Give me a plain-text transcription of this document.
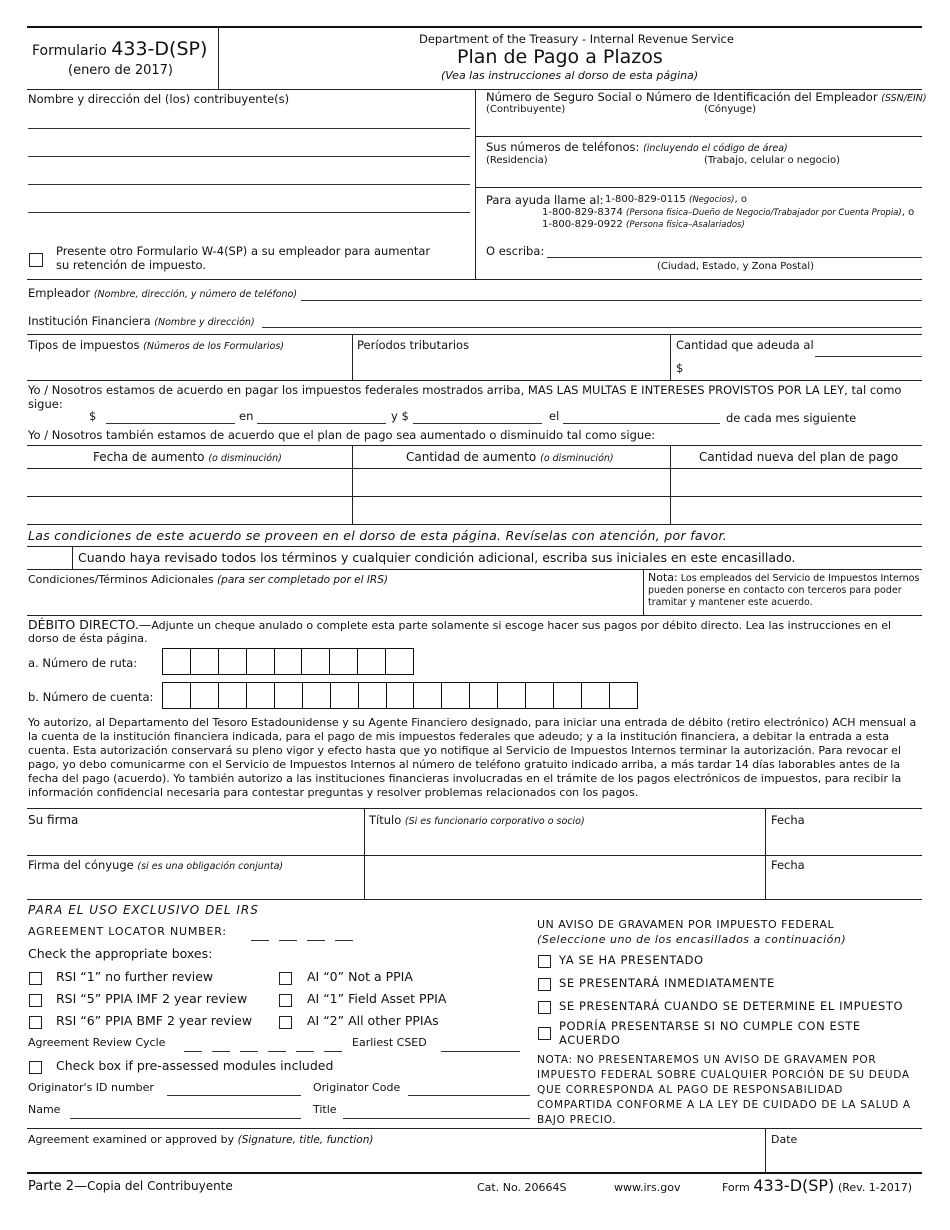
Formulario 433-D(SP)
(enero de 2017)
Department of the Treasury - Internal Revenue Service
Plan de Pago a Plazos
(Vea las instrucciones al dorso de esta página)
Nombre y dirección del (los) contribuyente(s)
Presente otro Formulario W-4(SP) a su empleador para aumentar su retención de impuesto.
Número de Seguro Social o Número de Identificación del Empleador (SSN/EIN)
(Contribuyente)	(Cónyuge)
Sus números de teléfonos: (incluyendo el código de área)
(Residencia)	(Trabajo, celular o negocio)
Para ayuda llame al: 1-800-829-0115 (Negocios), o
1-800-829-8374 (Persona física–Dueño de Negocio/Trabajador por Cuenta Propia), o
1-800-829-0922 (Persona física–Asalariados)
O escriba:
(Ciudad, Estado, y Zona Postal)
Empleador (Nombre, dirección, y número de teléfono)
Institución Financiera (Nombre y dirección)
Tipos de impuestos (Números de los Formularios)	Períodos tributarios	Cantidad que adeuda al
$
Yo / Nosotros estamos de acuerdo en pagar los impuestos federales mostrados arriba, MAS LAS MULTAS E INTERESES PROVISTOS POR LA LEY, tal como sigue:
$	en	y $	el	de cada mes siguiente
Yo / Nosotros también estamos de acuerdo que el plan de pago sea aumentado o disminuido tal como sigue:
Fecha de aumento (o disminución)	Cantidad de aumento (o disminución)	Cantidad nueva del plan de pago
Las condiciones de este acuerdo se proveen en el dorso de esta página. Revíselas con atención, por favor.
Cuando haya revisado todos los términos y cualquier condición adicional, escriba sus iniciales en este encasillado.
Condiciones/Términos Adicionales (para ser completado por el IRS)	Nota: Los empleados del Servicio de Impuestos Internos pueden ponerse en contacto con terceros para poder tramitar y mantener este acuerdo.
DÉBITO DIRECTO.—Adjunte un cheque anulado o complete esta parte solamente si escoge hacer sus pagos por débito directo. Lea las instrucciones en el dorso de ésta página.
a. Número de ruta:
b. Número de cuenta:
Yo autorizo, al Departamento del Tesoro Estadounidense y su Agente Financiero designado, para iniciar una entrada de débito (retiro electrónico) ACH mensual a la cuenta de la institución financiera indicada, para el pago de mis impuestos federales que adeudo; y a la institución financiera, a debitar la entrada a esta cuenta. Esta autorización conservará su pleno vigor y efecto hasta que yo notifique al Servicio de Impuestos Internos terminar la autorización. Para revocar el pago, yo debo comunicarme con el Servicio de Impuestos Internos al número de teléfono gratuito indicado arriba, a más tardar 14 días laborables antes de la fecha del pago (acuerdo). Yo también autorizo a las instituciones financieras involucradas en el trámite de los pagos electrónicos de impuestos, para recibir la información confidencial necesaria para contestar preguntas y resolver problemas relacionados con los pagos.
Su firma	Título (Si es funcionario corporativo o socio)	Fecha
Firma del cónyuge (si es una obligación conjunta)	Fecha
PARA EL USO EXCLUSIVO DEL IRS
AGREEMENT LOCATOR NUMBER:
Check the appropriate boxes:
RSI “1” no further review
RSI “5” PPIA IMF 2 year review
RSI “6” PPIA BMF 2 year review
AI “0” Not a PPIA
AI “1” Field Asset PPIA
AI “2” All other PPIAs
Agreement Review Cycle	Earliest CSED
Check box if pre-assessed modules included
Originator's ID number	Originator Code
Name	Title
UN AVISO DE GRAVAMEN POR IMPUESTO FEDERAL
(Seleccione uno de los encasillados a continuación)
YA SE HA PRESENTADO
SE PRESENTARÁ INMEDIATAMENTE
SE PRESENTARÁ CUANDO SE DETERMINE EL IMPUESTO
PODRÍA PRESENTARSE SI NO CUMPLE CON ESTE ACUERDO
NOTA: NO PRESENTAREMOS UN AVISO DE GRAVAMEN POR IMPUESTO FEDERAL SOBRE CUALQUIER PORCIÓN DE SU DEUDA QUE CORRESPONDA AL PAGO DE RESPONSABILIDAD COMPARTIDA CONFORME A LA LEY DE CUIDADO DE LA SALUD A BAJO PRECIO.
Agreement examined or approved by (Signature, title, function)	Date
Parte 2—Copia del Contribuyente	Cat. No. 20664S	www.irs.gov	Form 433-D(SP) (Rev. 1-2017)
